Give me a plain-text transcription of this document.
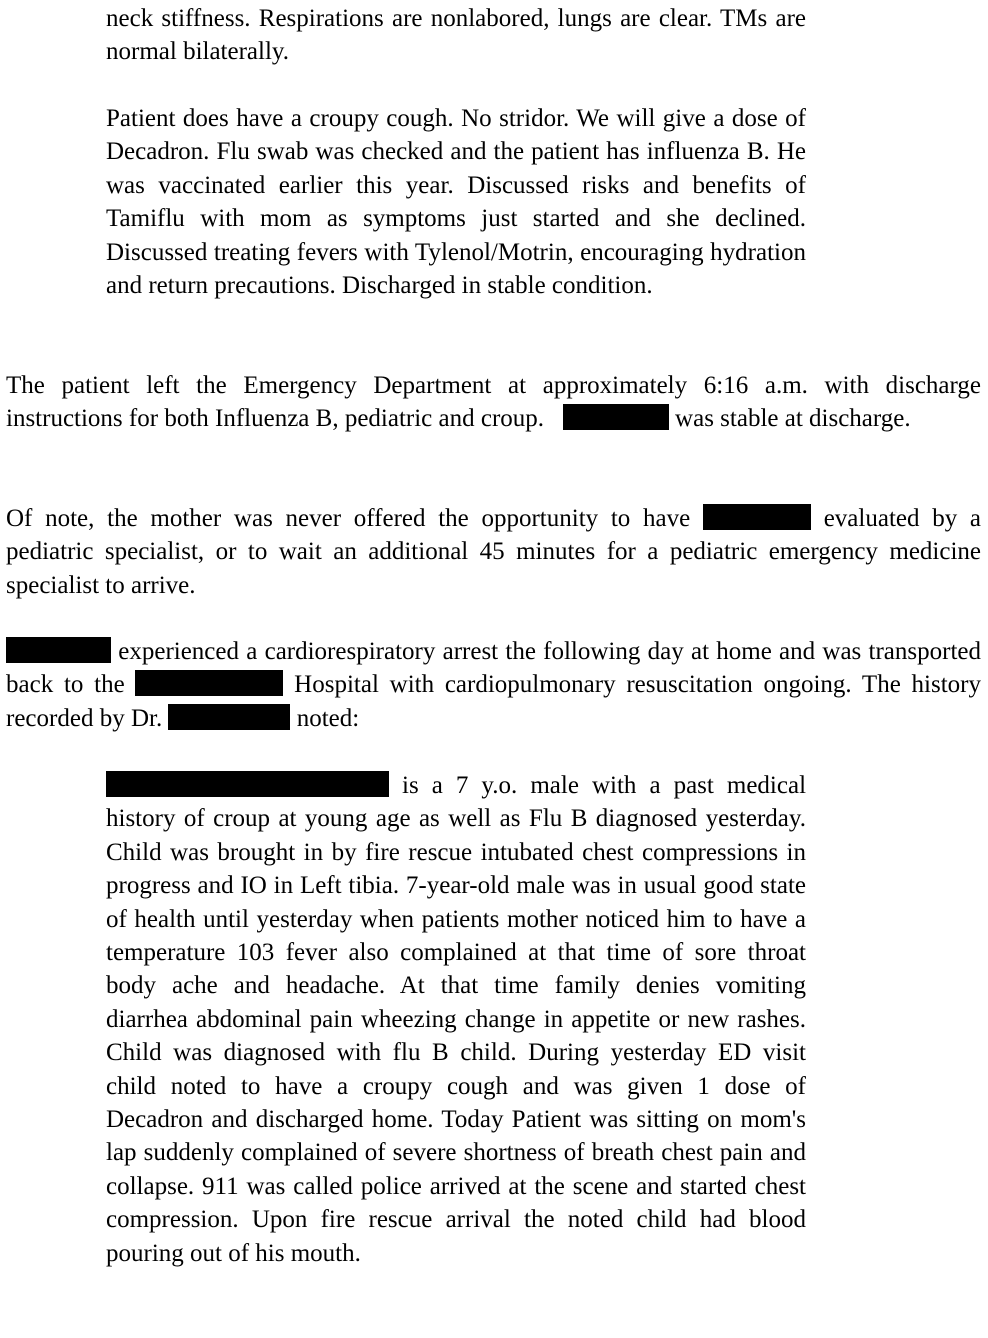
neck stiffness. Respirations are nonlabored, lungs are clear. TMs are normal bilaterally.

Patient does have a croupy cough. No stridor. We will give a dose of Decadron. Flu swab was checked and the patient has influenza B. He was vaccinated earlier this year. Discussed risks and benefits of Tamiflu with mom as symptoms just started and she declined. Discussed treating fevers with Tylenol/Motrin, encouraging hydration and return precautions. Discharged in stable condition.

The patient left the Emergency Department at approximately 6:16 a.m. with discharge instructions for both Influenza B, pediatric and croup.	was stable at discharge.

Of note, the mother was never offered the opportunity to have	evaluated by a pediatric specialist, or to wait an additional 45 minutes for a pediatric emergency medicine specialist to arrive.

experienced a cardiorespiratory arrest the following day at home and was transported back to the	Hospital with cardiopulmonary resuscitation ongoing. The history recorded by Dr.	noted:

is a 7 y.o. male with a past medical history of croup at young age as well as Flu B diagnosed yesterday. Child was brought in by fire rescue intubated chest compressions in progress and IO in Left tibia. 7-year-old male was in usual good state of health until yesterday when patients mother noticed him to have a temperature 103 fever also complained at that time of sore throat body ache and headache. At that time family denies vomiting diarrhea abdominal pain wheezing change in appetite or new rashes. Child was diagnosed with flu B child. During yesterday ED visit child noted to have a croupy cough and was given 1 dose of Decadron and discharged home. Today Patient was sitting on mom's lap suddenly complained of severe shortness of breath chest pain and collapse. 911 was called police arrived at the scene and started chest compression. Upon fire rescue arrival the noted child had blood pouring out of his mouth.
